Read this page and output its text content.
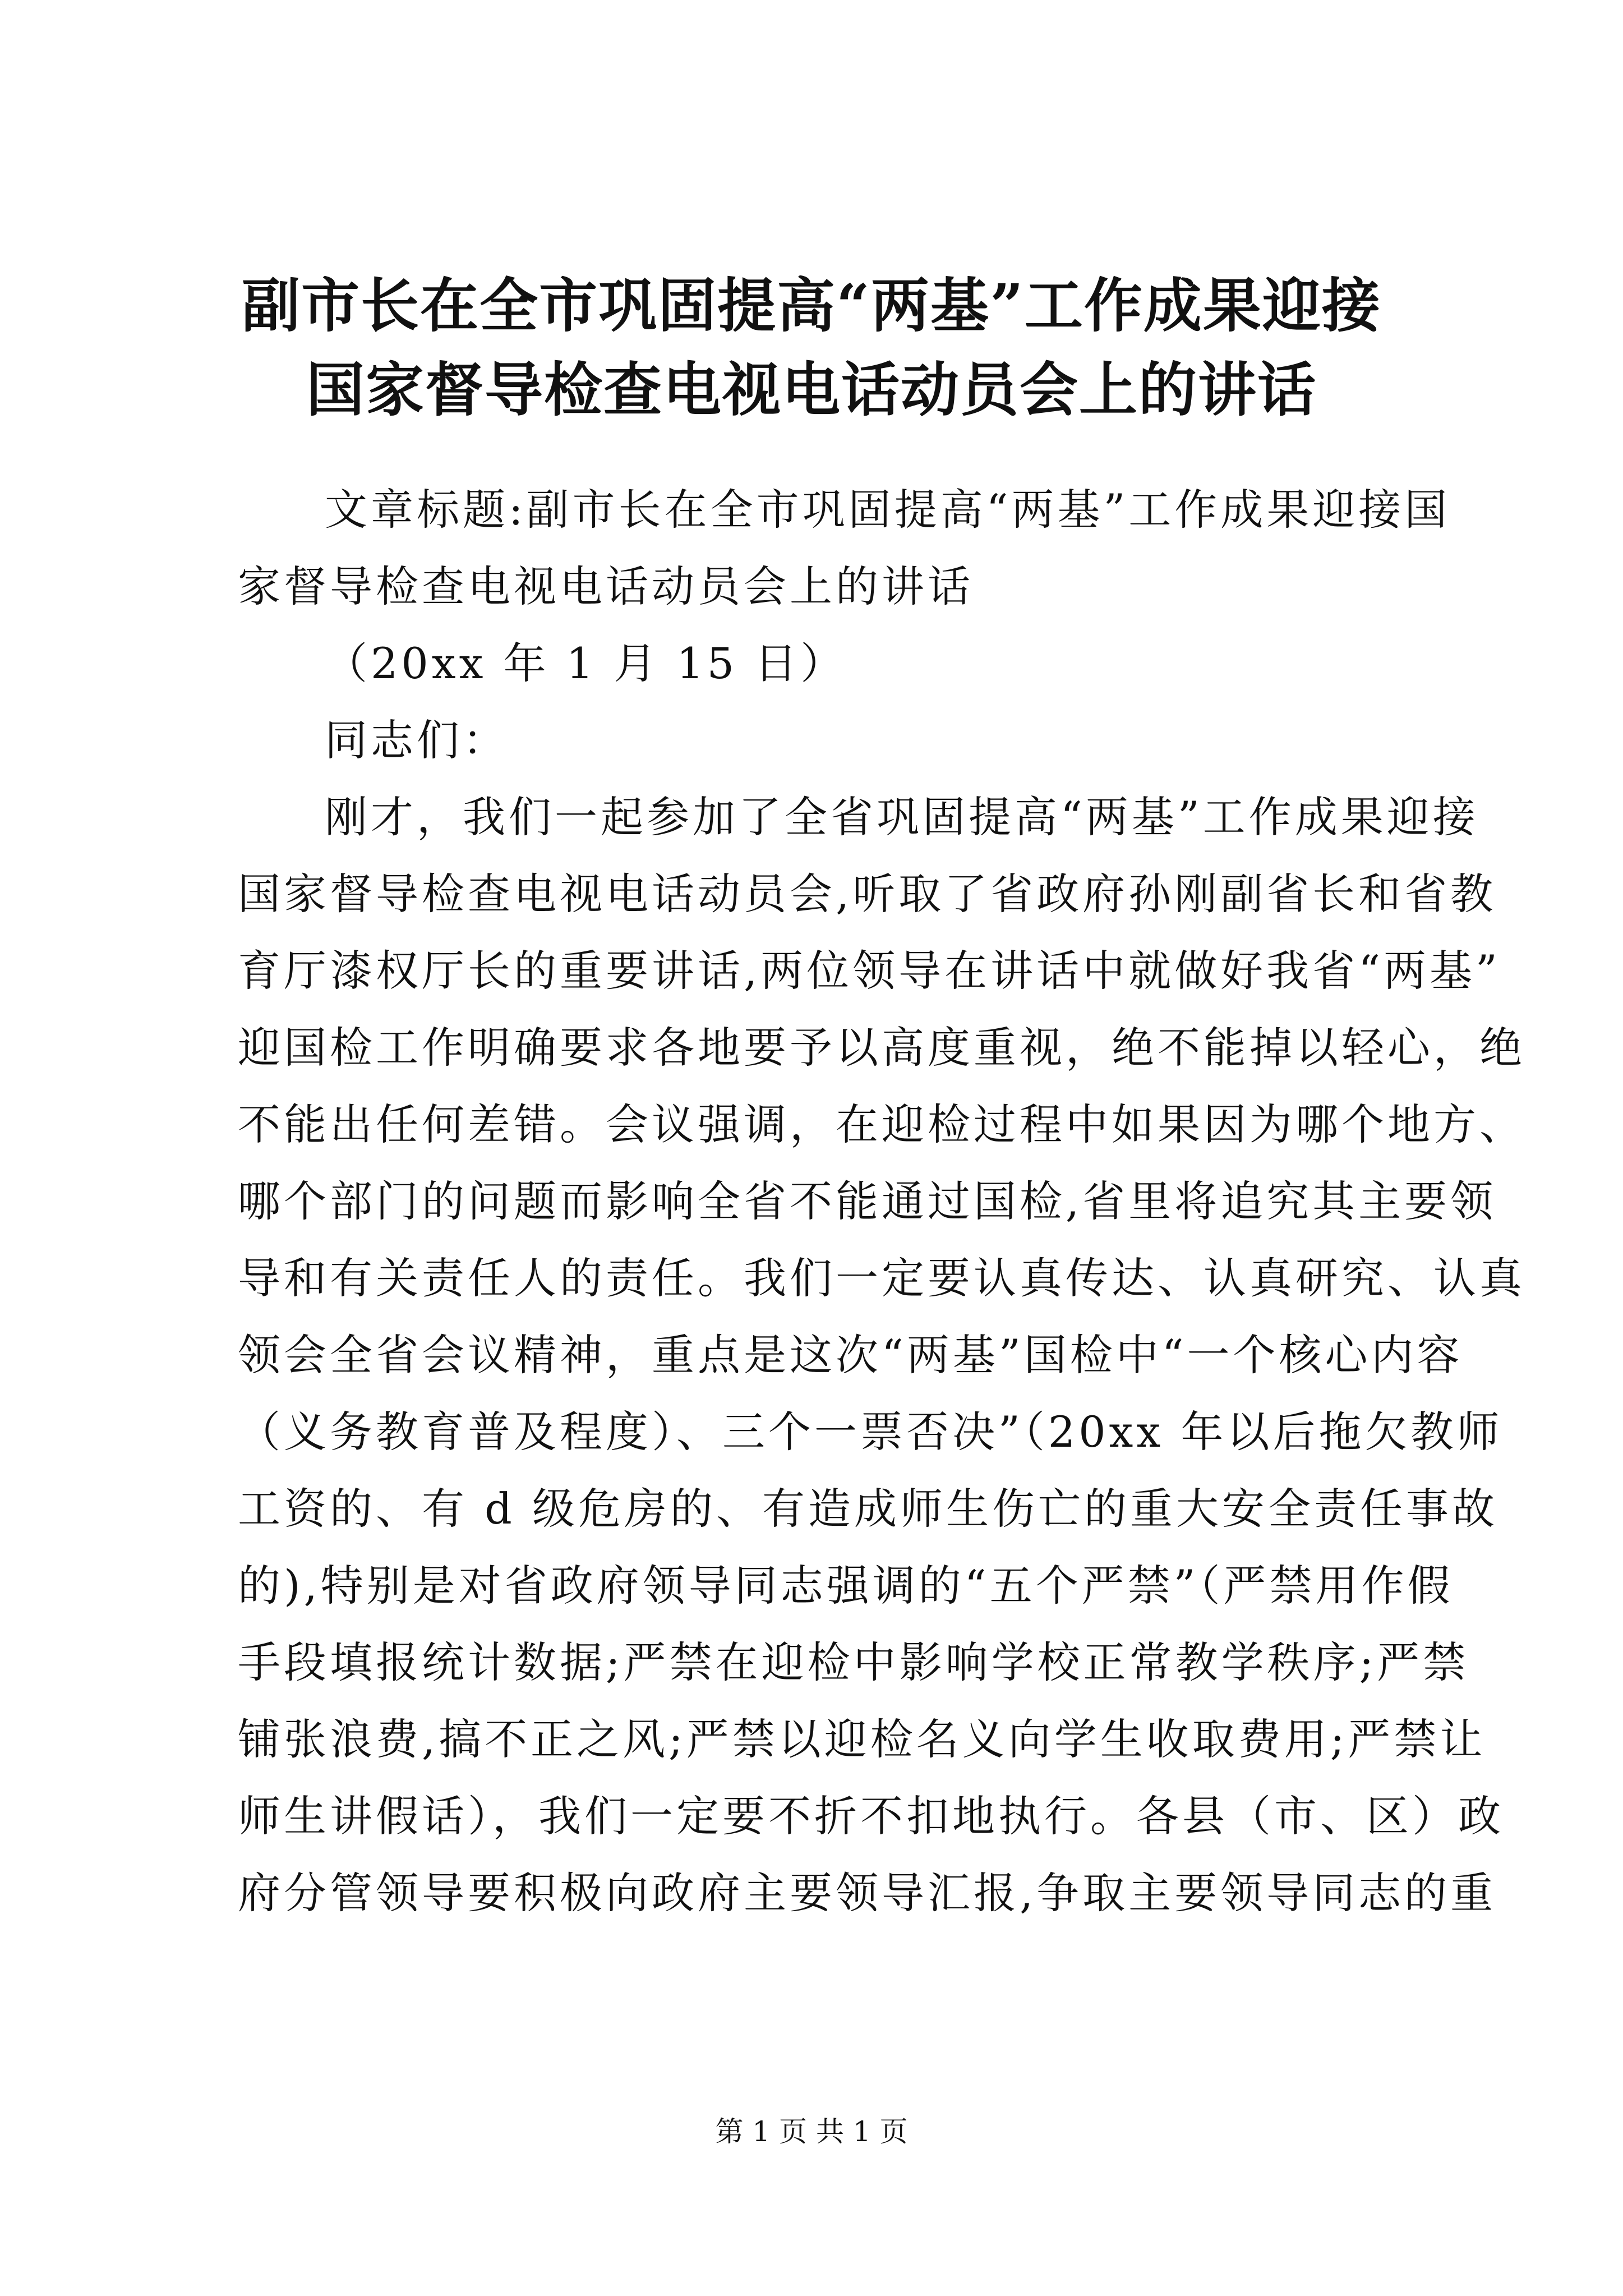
副市长在全市巩固提高“两基”工作成果迎接
国家督导检查电视电话动员会上的讲话
文章标题:副市长在全市巩固提高“两基”工作成果迎接国
家督导检查电视电话动员会上的讲话
（20xx 年 1 月 15 日）
同志们：
刚才，我们一起参加了全省巩固提高“两基”工作成果迎接
国家督导检查电视电话动员会,听取了省政府孙刚副省长和省教
育厅漆权厅长的重要讲话,两位领导在讲话中就做好我省“两基”
迎国检工作明确要求各地要予以高度重视，绝不能掉以轻心，绝
不能出任何差错。会议强调，在迎检过程中如果因为哪个地方、
哪个部门的问题而影响全省不能通过国检,省里将追究其主要领
导和有关责任人的责任。我们一定要认真传达、认真研究、认真
领会全省会议精神，重点是这次“两基”国检中“一个核心内容
（义务教育普及程度）、三个一票否决”（20xx 年以后拖欠教师
工资的、有 d 级危房的、有造成师生伤亡的重大安全责任事故
的),特别是对省政府领导同志强调的“五个严禁”（严禁用作假
手段填报统计数据;严禁在迎检中影响学校正常教学秩序;严禁
铺张浪费,搞不正之风;严禁以迎检名义向学生收取费用;严禁让
师生讲假话），我们一定要不折不扣地执行。各县（市、区）政
府分管领导要积极向政府主要领导汇报,争取主要领导同志的重
第 1 页 共 1 页
